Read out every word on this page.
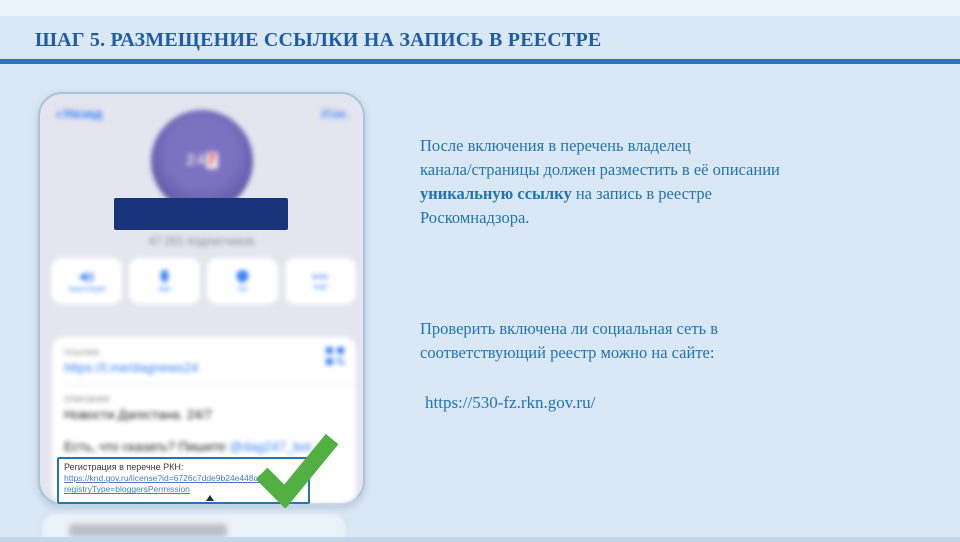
ШАГ 5. РАЗМЕЩЕНИЕ ССЫЛКИ НА ЗАПИСЬ В РЕЕСТРЕ
‹ Назад	Изм.
247
47 261 подписчиков
трансляция	звук	чат
•••
ещё
ссылка
https://t.me/dagnews24
описание
Новости Дагестана. 24/7
Есть, что сказать? Пишите @dag247_bot
Регистрация в перечне РКН:
https://knd.gov.ru/license?id=6726c7dde9b24e448c2800
registryType=bloggersPermission
После включения в перечень владелец
канала/страницы должен разместить в её описании
уникальную ссылку на запись в реестре
Роскомнадзора.
Проверить включена ли социальная сеть в
соответствующий реестр можно на сайте:
https://530-fz.rkn.gov.ru/
